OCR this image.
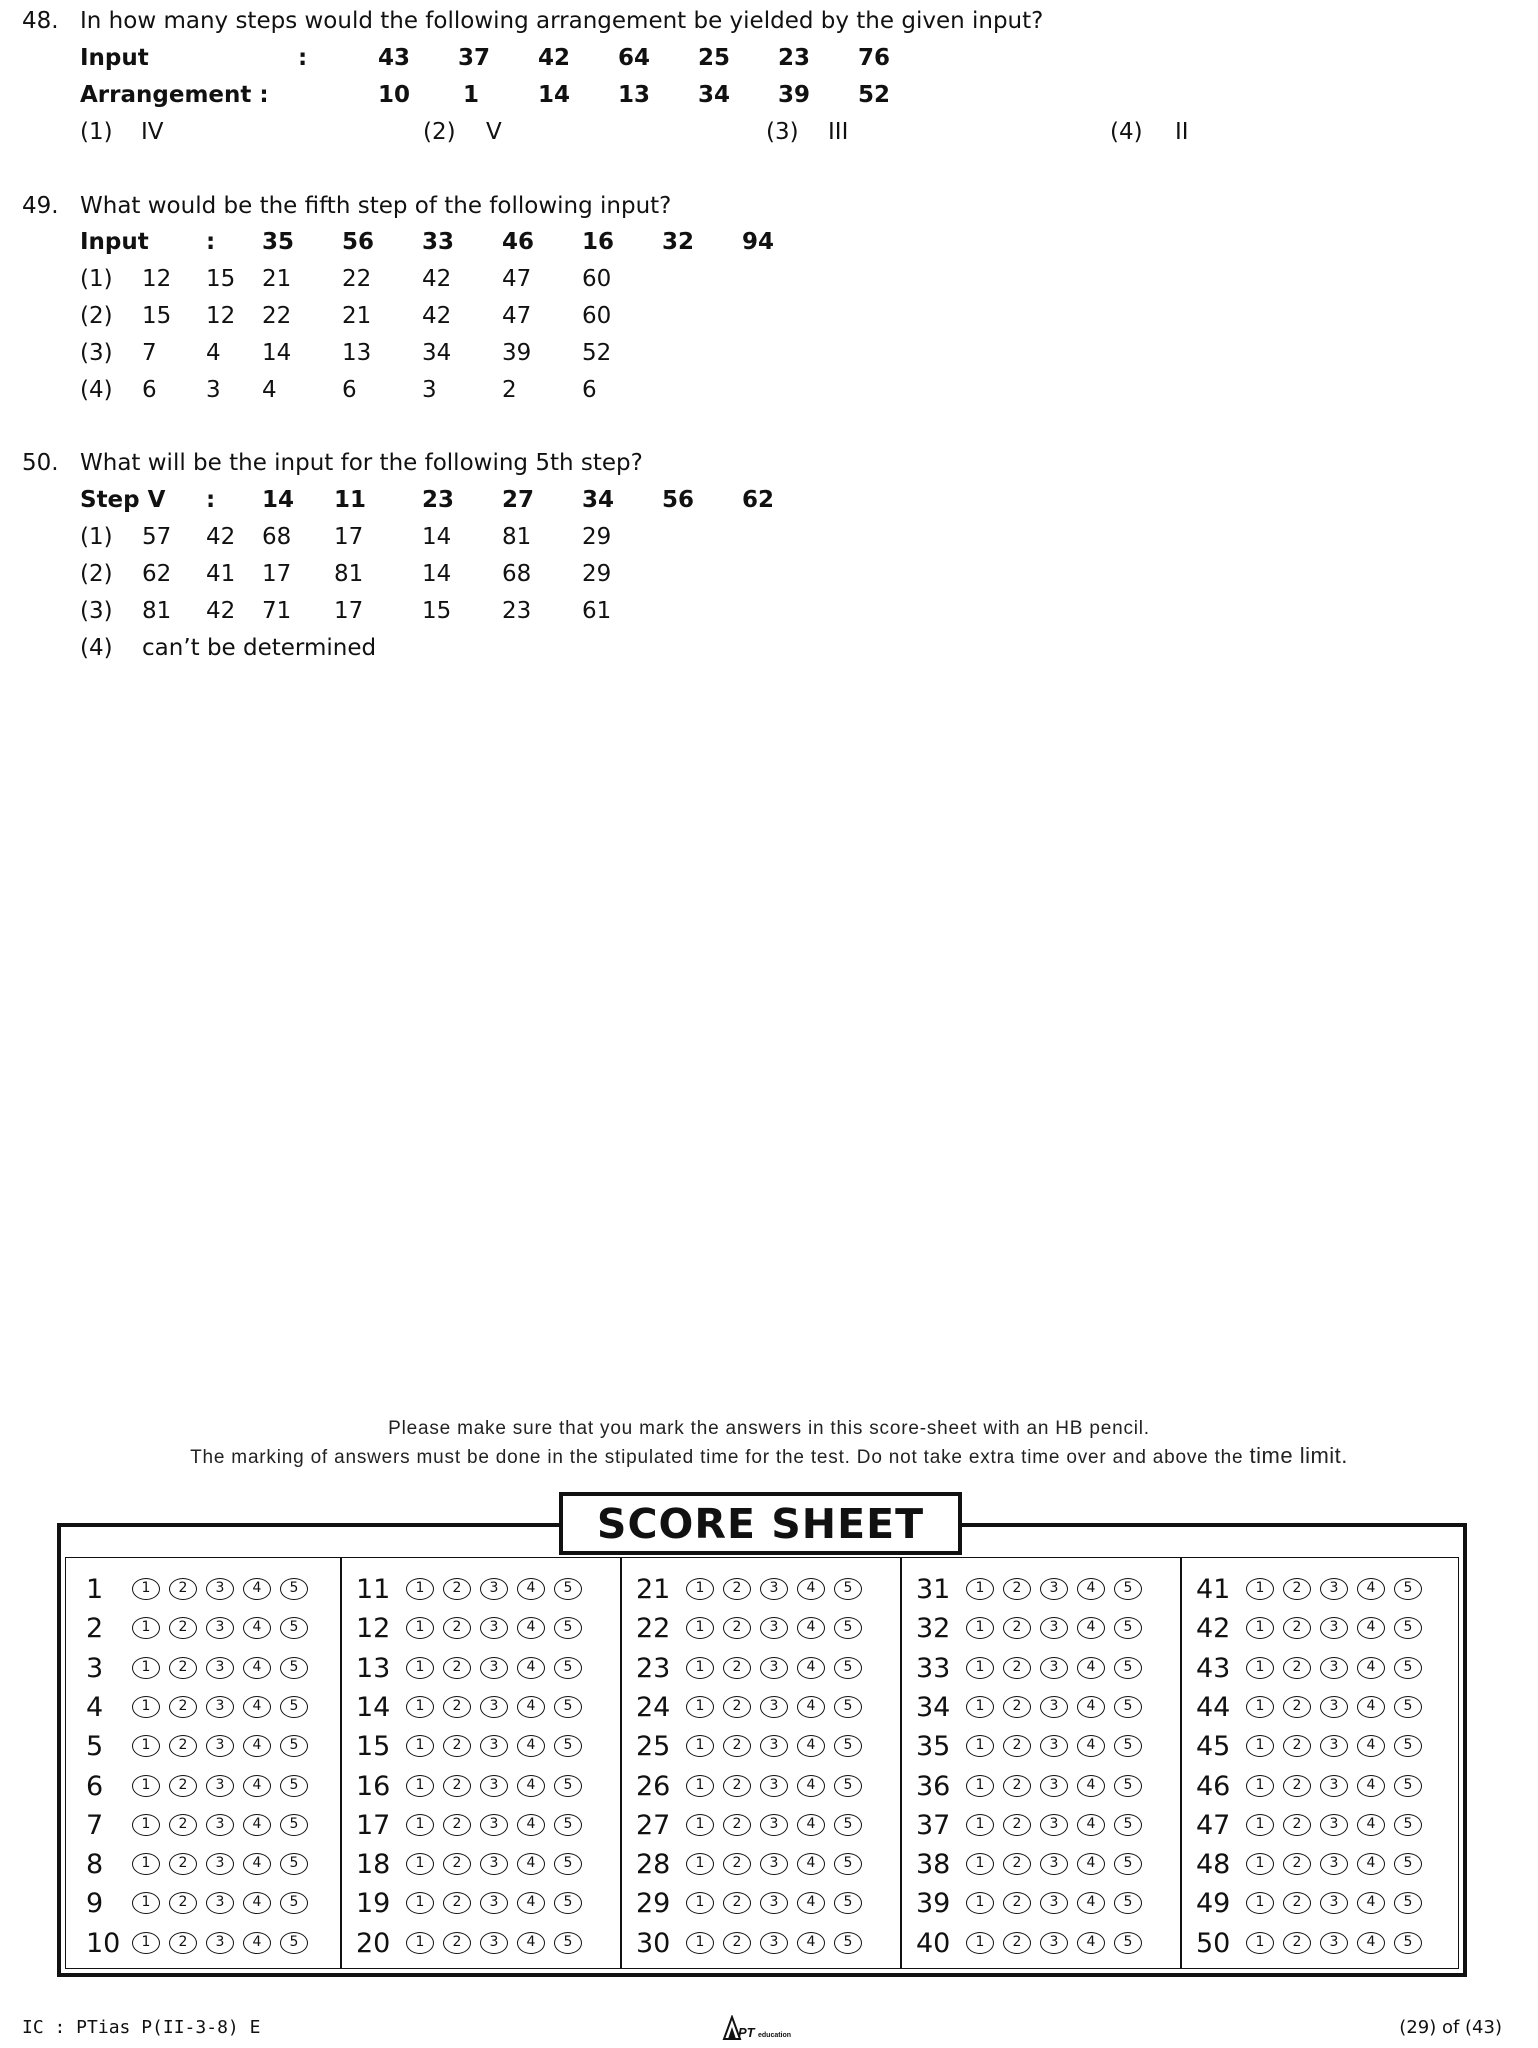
48. In how many steps would the following arrangement be yielded by the given input?
Input	:	43 37 42 64 25 23 76
Arrangement :	10 1	14 13 34 39 52
(1) IV	(2) V	(3) III	(4) II
49. What would be the fifth step of the following input?
Input : 35 56 33 46 16 32 94
(1) 12 15 21 22 42 47 60
(2) 15 12 22 21 42 47 60
(3) 7 4 14 13 34 39 52
(4) 6 3 4	6	3	2	6
50. What will be the input for the following 5th step?
Step V : 14 11 23 27 34 56 62
(1) 57 42 68 17	14 81 29
(2) 62 41 17 81	14 68 29
(3) 81 42 71 17	15 23 61
(4) can’t be determined
Please make sure that you mark the answers in this score-sheet with an HB pencil.
The marking of answers must be done in the stipulated time for the test. Do not take extra time over and above the time limit.
1	1	2	3	4	5
2	1	2	3	4	5
3	1	2	3	4	5
4	1	2	3	4	5
5	1	2	3	4	5
6	1	2	3	4	5
7	1	2	3	4	5
8	1	2	3	4	5
9	1	2	3	4	5
10	1	2	3	4	5
11	1	2	3	4	5
12	1	2	3	4	5
13	1	2	3	4	5
14	1	2	3	4	5
15	1	2	3	4	5
16	1	2	3	4	5
17	1	2	3	4	5
18	1	2	3	4	5
19	1	2	3	4	5
20	1	2	3	4	5
21	1	2	3	4	5
22	1	2	3	4	5
23	1	2	3	4	5
24	1	2	3	4	5
25	1	2	3	4	5
26	1	2	3	4	5
27	1	2	3	4	5
28	1	2	3	4	5
29	1	2	3	4	5
30	1	2	3	4	5
31	1	2	3	4	5
32	1	2	3	4	5
33	1	2	3	4	5
34	1	2	3	4	5
35	1	2	3	4	5
36	1	2	3	4	5
37	1	2	3	4	5
38	1	2	3	4	5
39	1	2	3	4	5
40	1	2	3	4	5
41	1	2	3	4	5
42	1	2	3	4	5
43	1	2	3	4	5
44	1	2	3	4	5
45	1	2	3	4	5
46	1	2	3	4	5
47	1	2	3	4	5
48	1	2	3	4	5
49	1	2	3	4	5
50	1	2	3	4	5
SCORE SHEET
IC : PTias P(II-3-8) E	PT education	(29) of (43)
